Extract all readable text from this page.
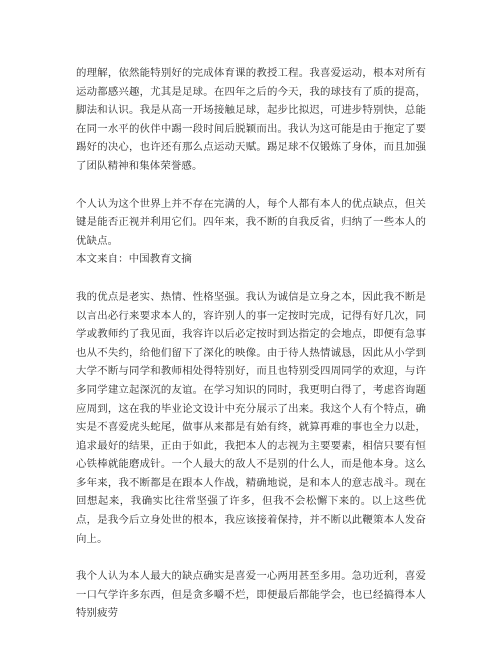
的理解，依然能特别好的完成体育课的教授工程。我喜爱运动，根本对所有运动都感兴趣，尤其是足球。在四年之后的今天，我的球技有了质的提高，脚法和认识。我是从高一开场接触足球，起步比拟迟，可进步特别快，总能在同一水平的伙伴中踢一段时间后脱颖而出。我认为这可能是由于拖定了要踢好的决心，也许还有那么点运动天赋。踢足球不仅锻炼了身体，而且加强了团队精神和集体荣誉感。

个人认为这个世界上并不存在完满的人，每个人都有本人的优点缺点，但关键是能否正视并利用它们。四年来，我不断的自我反省，归纳了一些本人的优缺点。

本文来自：中国教育文摘

我的优点是老实、热情、性格坚强。我认为诚信是立身之本，因此我不断是以言出必行来要求本人的，容许别人的事一定按时完成，记得有好几次，同学或教师约了我见面，我容许以后必定按时到达指定的会地点，即便有急事也从不失约，给他们留下了深化的映像。由于待人热情诚恳，因此从小学到大学不断与同学和教师相处得特别好，而且也特别受四周同学的欢迎，与许多同学建立起深沉的友谊。在学习知识的同时，我更明白得了，考虑咨询题应周到，这在我的毕业论文设计中充分展示了出来。我这个人有个特点，确实是不喜爱虎头蛇尾，做事从来都是有始有终，就算再难的事也全力以赴，追求最好的结果，正由于如此，我把本人的志视为主要要素，相信只要有恒心铁棒就能磨成针。一个人最大的敌人不是别的什么人，而是他本身。这么多年来，我不断都是在跟本人作战，精确地说，是和本人的意志战斗。现在回想起来，我确实比往常坚强了许多，但我不会松懈下来的。以上这些优点，是我今后立身处世的根本，我应该接着保持，并不断以此鞭策本人发奋向上。

我个人认为本人最大的缺点确实是喜爱一心两用甚至多用。急功近利，喜爱一口气学许多东西，但是贪多嚼不烂，即便最后都能学会，也已经搞得本人特别疲劳
